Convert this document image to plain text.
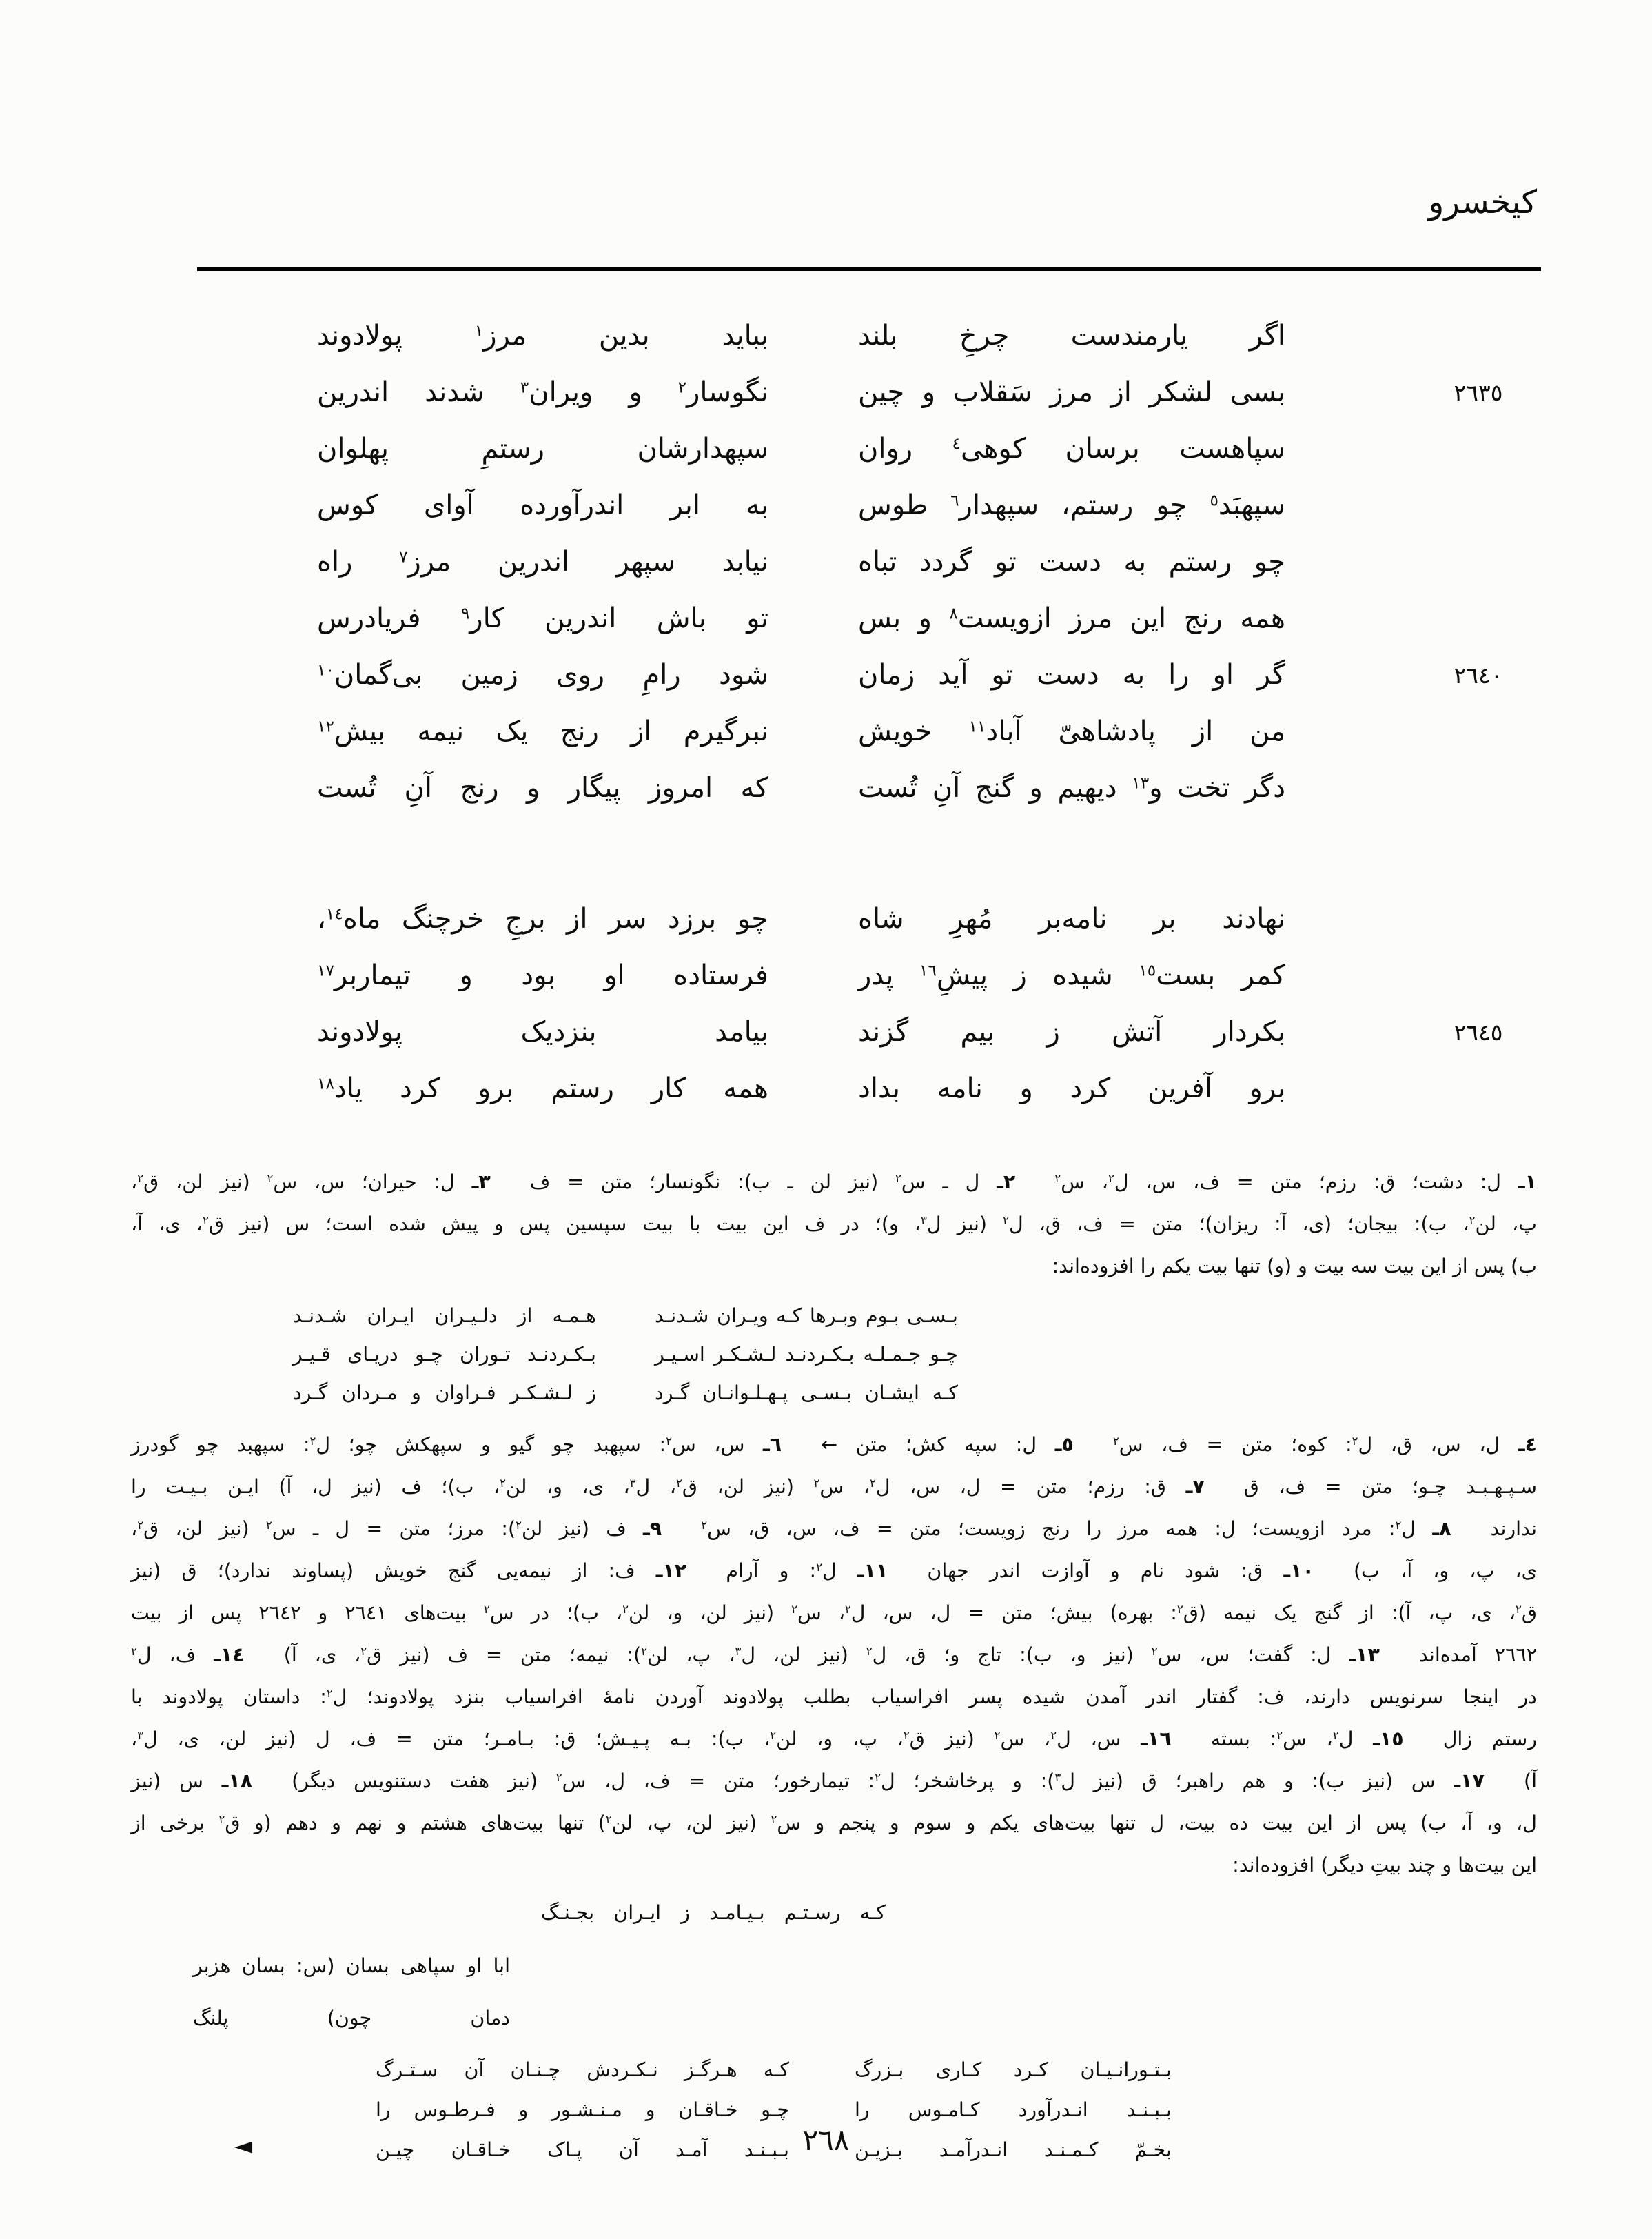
کیخسرو
اگر یارمندست چرخِ بلند
بباید بدین مرز$^١$ پولادوند
٢٦٣٥
بسی لشکر از مرز سَقلاب و چین
نگوسار$^٢$ و ویران$^٣$ شدند اندرین
سپاهست برسان کوهی$^٤$ روان
سپهدارشان رستمِ پهلوان
سپهبَد$^٥$ چو رستم، سپهدار$^٦$ طوس
به ابر اندرآورده آوای کوس
چو رستم به دست تو گردد تباه
نیابد سپهر اندرین مرز$^٧$ راه
همه رنج این مرز ازویست$^٨$ و بس
تو باش اندرین کار$^٩$ فریادرس
٢٦٤٠
گر او را به دست تو آید زمان
شود رامِ روی زمین بی‌گمان$^{١٠}$
من از پادشاهیّ آباد$^{١١}$ خویش
نبرگیرم از رنج یک نیمه بیش$^{١٢}$
دگر تخت و$^{١٣}$ دیهیم و گنج آنِ تُست
که امروز پیگار و رنج آنِ تُست
نهادند بر نامه‌بر مُهرِ شاه
چو برزد سر از برجِ خرچنگ ماه$^{١٤}$،
کمر بست$^{١٥}$ شیده ز پیشِ$^{١٦}$ پدر
فرستاده او بود و تیماربر$^{١٧}$
٢٦٤٥
بکردار آتش ز بیم گزند
بیامد بنزدیک پولادوند
برو آفرین کرد و نامه بداد
همه کار رستم برو کرد یاد$^{١٨}$
١ـ ل: دشت؛ ق: رزم؛ متن = ف، س، ل$^٢$، س$^٢$  ٢ـ ل ـ س$^٢$ (نیز لن ـ ب): نگونسار؛ متن = ف  ٣ـ ل: حیران؛ س، س$^٢$ (نیز لن، ق$^٢$،
پ، لن$^٢$، ب): بیجان؛ (ی، آ: ریزان)؛ متن = ف، ق، ل$^٢$ (نیز ل$^٣$، و)؛ در ف این بیت با بیت سپسین پس و پیش شده است؛ س (نیز ق$^٢$، ی، آ،
ب) پس از این بیت سه بیت و (و) تنها بیت یکم را افزوده‌اند:
بـسـی بـوم وبـرها کـه ویـران شـدنـد
هـمـه از دلـیـران ایـران شـدنـد
چـو جـمـلـه بـکـردنـد لـشـکـر اسـیـر
بـکـردنـد تـوران چـو دریـای قـیـر
کـه ایشـان بـسـی پـهـلـوانـان گـرد
ز لـشـکـر فـراوان و مـردان گـرد
٤ـ ل، س، ق، ل$^٢$: کوه؛ متن = ف، س$^٢$  ٥ـ ل: سپه کش؛ متن ←  ٦ـ س، س$^٢$: سپهبد چو گیو و سپهکش چو؛ ل$^٢$: سپهبد چو گودرز
سـپـهـبـد چـو؛ متن = ف، ق  ٧ـ ق: رزم؛ متن = ل، س، ل$^٢$، س$^٢$ (نیز لن، ق$^٢$، ل$^٣$، ی، و، لن$^٢$، ب)؛ ف (نیز ل، آ) ایـن بـیـت را
ندارند  ٨ـ ل$^٢$: مرد ازویست؛ ل: همه مرز را رنج زویست؛ متن = ف، س، ق، س$^٢$  ٩ـ ف (نیز لن$^٢$): مرز؛ متن = ل ـ س$^٢$ (نیز لن، ق$^٢$،
ی، پ، و، آ، ب)  ١٠ـ ق: شود نام و آوازت اندر جهان  ١١ـ ل$^٢$: و آرام  ١٢ـ ف: از نیمه‌یی گنج خویش (پساوند ندارد)؛ ق (نیز
ق$^٢$، ی، پ، آ): از گنج یک نیمه (ق$^٢$: بهره) بیش؛ متن = ل، س، ل$^٢$، س$^٢$ (نیز لن، و، لن$^٢$، ب)؛ در س$^٢$ بیت‌های ٢٦٤١ و ٢٦٤٢ پس از بیت
٢٦٦٢ آمده‌اند  ١٣ـ ل: گفت؛ س، س$^٢$ (نیز و، ب): تاج و؛ ق، ل$^٢$ (نیز لن، ل$^٣$، پ، لن$^٢$): نیمه؛ متن = ف (نیز ق$^٢$، ی، آ)  ١٤ـ ف، ل$^٢$
در اینجا سرنویس دارند، ف: گفتار اندر آمدن شیده پسر افراسیاب بطلب پولادوند آوردن نامهٔ افراسیاب بنزد پولادوند؛ ل$^٢$: داستان پولادوند با
رستم زال  ١٥ـ ل$^٢$، س$^٢$: بسته  ١٦ـ س، ل$^٢$، س$^٢$ (نیز ق$^٢$، پ، و، لن$^٢$، ب): بـه پـیـش؛ ق: بـامـر؛ متن = ف، ل (نیز لن، ی، ل$^٣$،
آ)  ١٧ـ س (نیز ب): و هم راهبر؛ ق (نیز ل$^٣$): و پرخاشخر؛ ل$^٢$: تیمارخور؛ متن = ف، ل، س$^٢$ (نیز هفت دستنویس دیگر)  ١٨ـ س (نیز
ل، و، آ، ب) پس از این بیت ده بیت، ل تنها بیت‌های یکم و سوم و پنجم و س$^٢$ (نیز لن، پ، لن$^٢$) تنها بیت‌های هشتم و نهم و دهم (و ق$^٢$ برخی از
این بیت‌ها و چند بیتِ دیگر) افزوده‌اند:
کـه رسـتـم بـیـامـد ز ایـران بجـنـگ
ابا او سپاهی بسان (س: بسان هزبر دمان چون) پلنگ
بـتـورانـیـان کـرد کـاری بـزرگ
کـه هـرگـز نـکـردش چـنـان آن سـتـرگ
بـبـنـد انـدرآورد کـامـوس را
چـو خـاقـان و مـنـشـور و فـرطـوس را
بخـمّ کـمـنـد انـدرآمـد بـزیـن
بـبـنـد آمـد آن پـاک خـاقـان چیـن
◄	٢٦٨
